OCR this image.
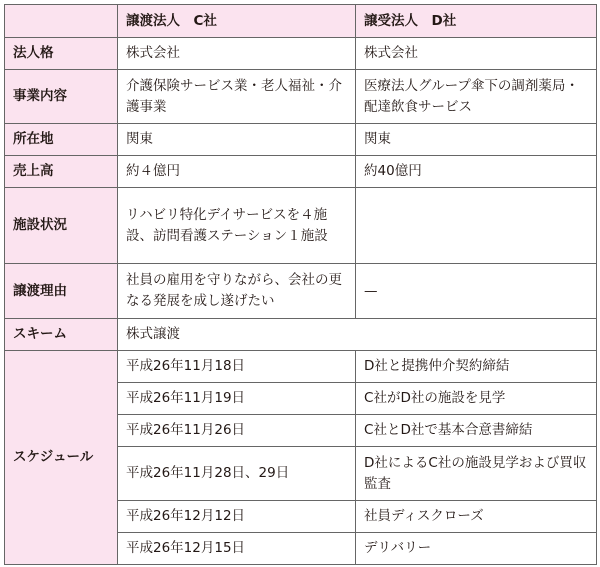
	譲渡法人　C社	譲受法人　D社
法人格	株式会社	株式会社
事業内容	介護保険サービス業・老人福祉・介護事業	医療法人グループ傘下の調剤薬局・配達飲食サービス
所在地	関東	関東
売上高	約４億円	約40億円
施設状況	リハビリ特化デイサービスを４施設、訪問看護ステーション１施設	
譲渡理由	社員の雇用を守りながら、会社の更なる発展を成し遂げたい	—
スキーム	株式譲渡	
スケジュール	平成26年11月18日	D社と提携仲介契約締結
	平成26年11月19日	C社がD社の施設を見学
	平成26年11月26日	C社とD社で基本合意書締結
	平成26年11月28日、29日	D社によるC社の施設見学および買収監査
	平成26年12月12日	社員ディスクローズ
	平成26年12月15日	デリバリー
